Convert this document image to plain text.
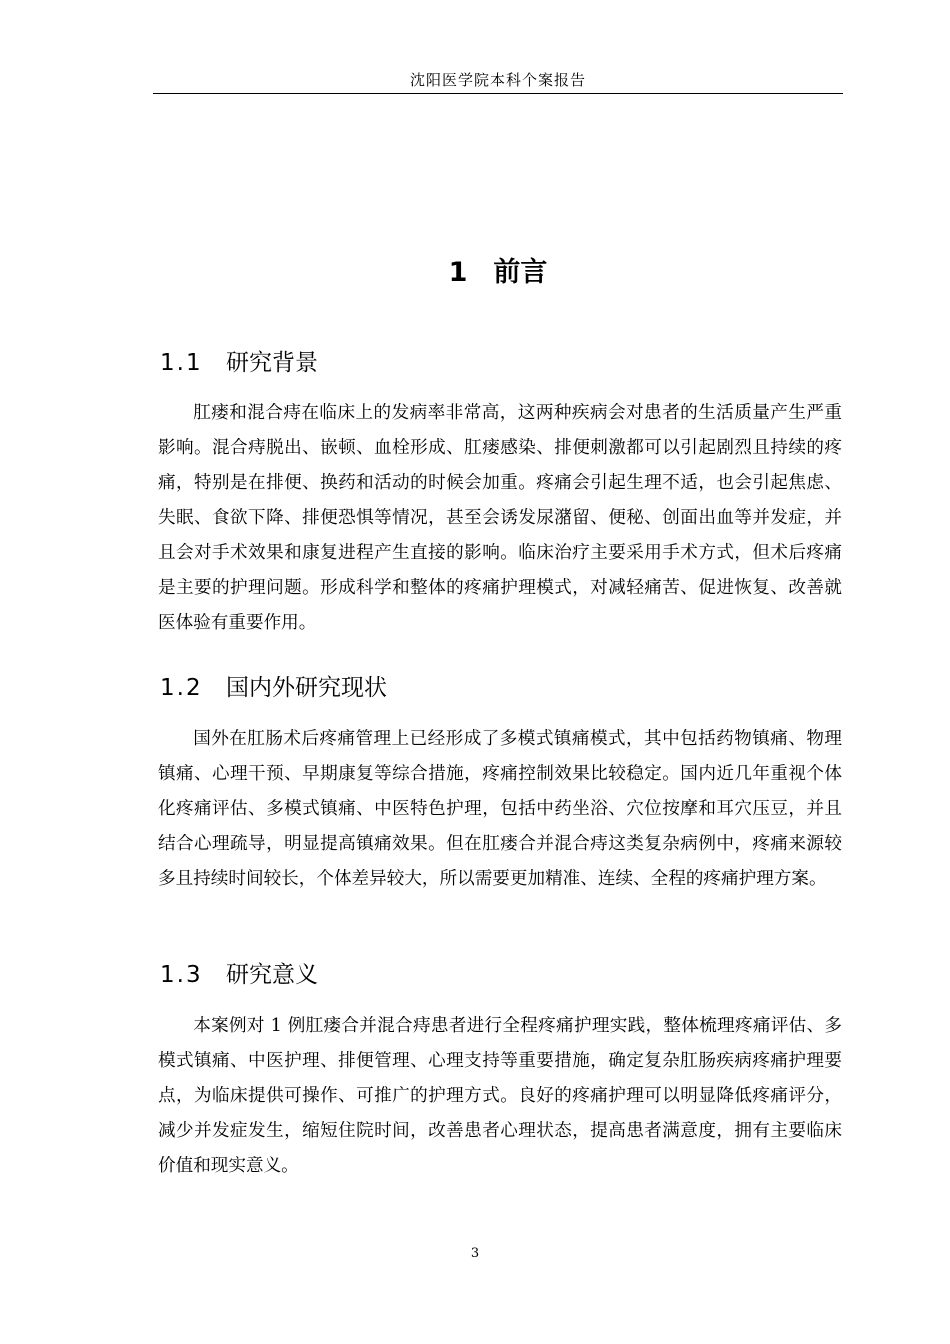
沈阳医学院本科个案报告
1 前言
1.1 研究背景

肛瘘和混合痔在临床上的发病率非常高，这两种疾病会对患者的生活质量产生严重影响。混合痔脱出、嵌顿、血栓形成、肛瘘感染、排便刺激都可以引起剧烈且持续的疼痛，特别是在排便、换药和活动的时候会加重。疼痛会引起生理不适，也会引起焦虑、失眠、食欲下降、排便恐惧等情况，甚至会诱发尿潴留、便秘、创面出血等并发症，并且会对手术效果和康复进程产生直接的影响。临床治疗主要采用手术方式，但术后疼痛是主要的护理问题。形成科学和整体的疼痛护理模式，对减轻痛苦、促进恢复、改善就医体验有重要作用。

1.2 国内外研究现状

国外在肛肠术后疼痛管理上已经形成了多模式镇痛模式，其中包括药物镇痛、物理镇痛、心理干预、早期康复等综合措施，疼痛控制效果比较稳定。国内近几年重视个体化疼痛评估、多模式镇痛、中医特色护理，包括中药坐浴、穴位按摩和耳穴压豆，并且结合心理疏导，明显提高镇痛效果。但在肛瘘合并混合痔这类复杂病例中，疼痛来源较多且持续时间较长，个体差异较大，所以需要更加精准、连续、全程的疼痛护理方案。

1.3 研究意义

本案例对 1 例肛瘘合并混合痔患者进行全程疼痛护理实践，整体梳理疼痛评估、多模式镇痛、中医护理、排便管理、心理支持等重要措施，确定复杂肛肠疾病疼痛护理要点，为临床提供可操作、可推广的护理方式。良好的疼痛护理可以明显降低疼痛评分，减少并发症发生，缩短住院时间，改善患者心理状态，提高患者满意度，拥有主要临床价值和现实意义。

3
